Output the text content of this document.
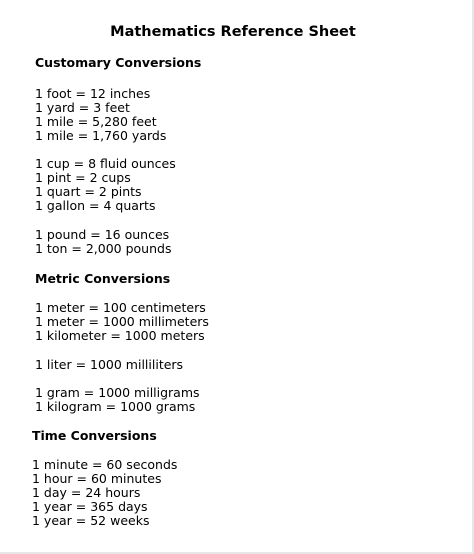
Mathematics Reference Sheet
Customary Conversions
1 foot = 12 inches
1 yard = 3 feet
1 mile = 5,280 feet
1 mile = 1,760 yards
1 cup = 8 fluid ounces
1 pint = 2 cups
1 quart = 2 pints
1 gallon = 4 quarts
1 pound = 16 ounces
1 ton = 2,000 pounds
Metric Conversions
1 meter = 100 centimeters
1 meter = 1000 millimeters
1 kilometer = 1000 meters
1 liter = 1000 milliliters
1 gram = 1000 milligrams
1 kilogram = 1000 grams
Time Conversions
1 minute = 60 seconds
1 hour = 60 minutes
1 day = 24 hours
1 year = 365 days
1 year = 52 weeks
